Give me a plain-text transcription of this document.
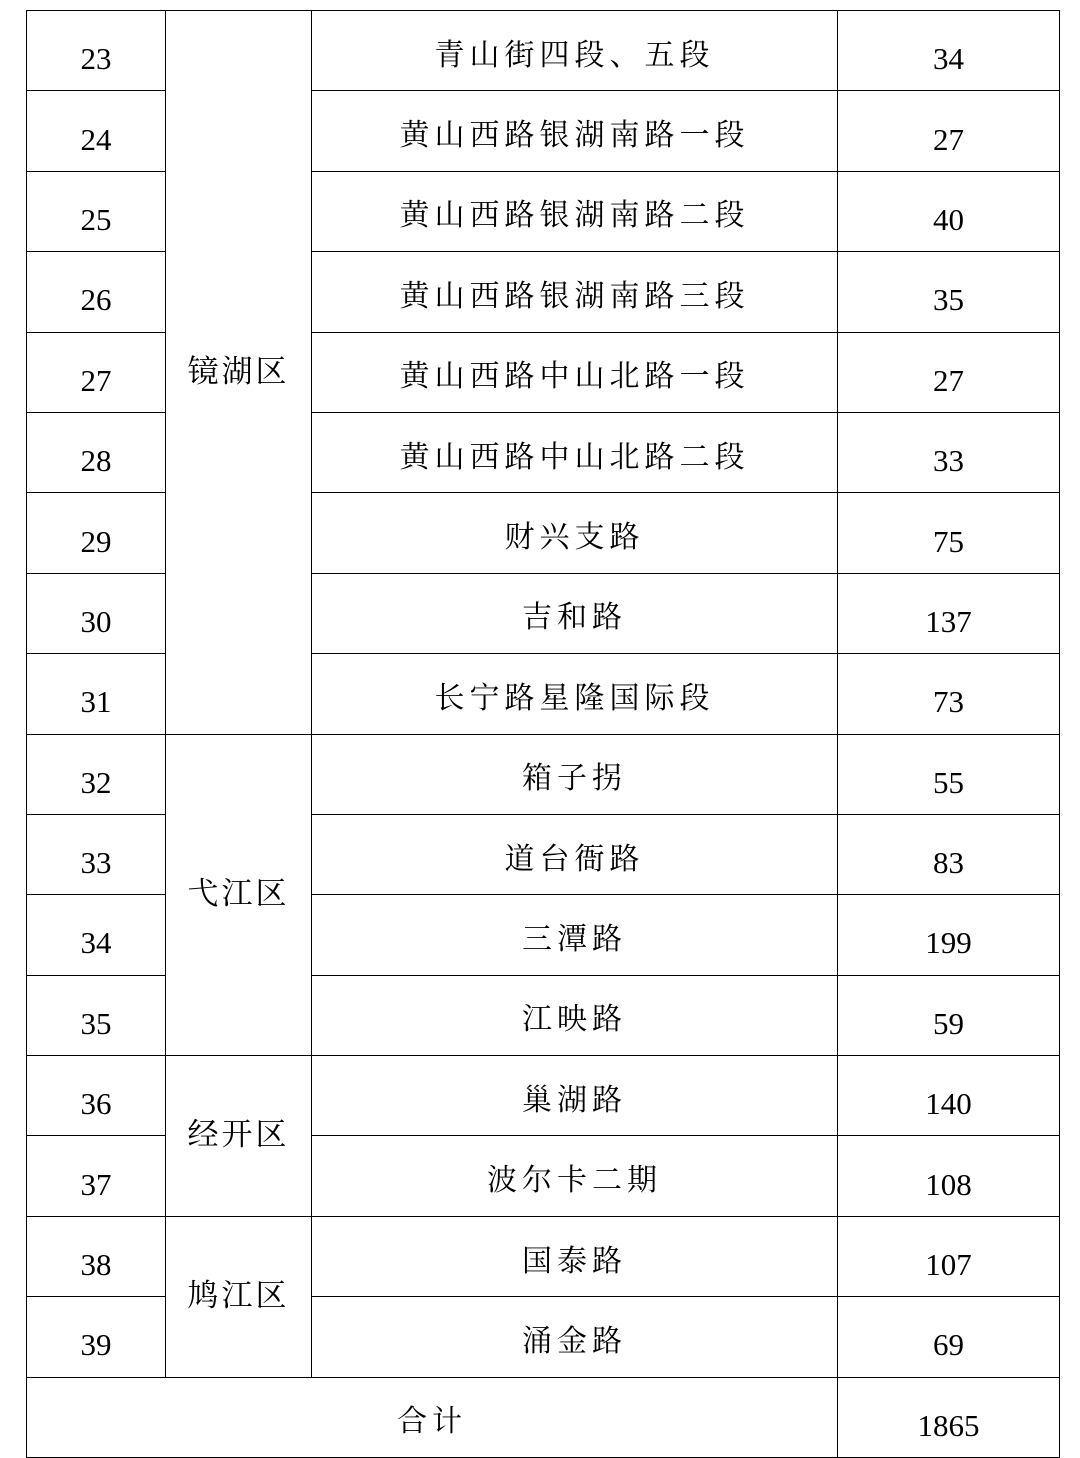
23	镜湖区	青山街四段、五段	34
24		黄山西路银湖南路一段	27
25		黄山西路银湖南路二段	40
26		黄山西路银湖南路三段	35
27		黄山西路中山北路一段	27
28		黄山西路中山北路二段	33
29		财兴支路	75
30		吉和路	137
31		长宁路星隆国际段	73
32	弋江区	箱子拐	55
33		道台衙路	83
34		三潭路	199
35		江映路	59
36	经开区	巢湖路	140
37		波尔卡二期	108
38	鸠江区	国泰路	107
39		涌金路	69
合计			1865
